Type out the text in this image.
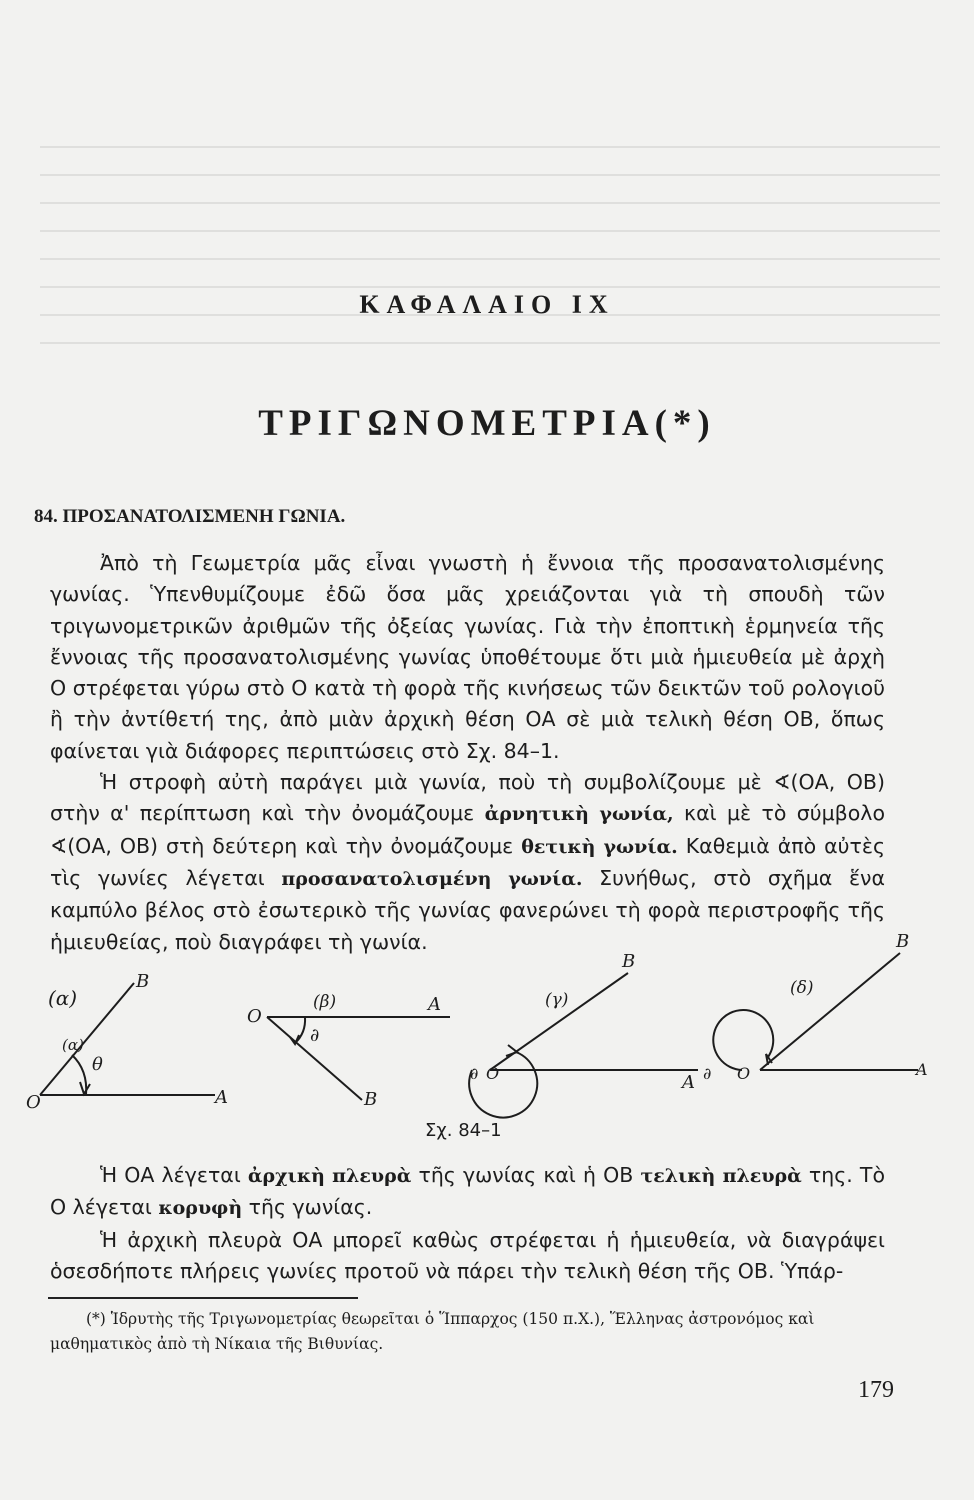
ΚΑΦΑΛΑΙΟ ΙΧ
ΤΡΙΓΩΝΟΜΕΤΡΙΑ(*)
84. ΠΡΟΣΑΝΑΤΟΛΙΣΜΕΝΗ ΓΩΝΙΑ.

Ἀπὸ τὴ Γεωμετρία μᾶς εἶναι γνωστὴ ἡ ἔννοια τῆς προσανατολισμένης γωνίας. Ὑπενθυμίζουμε ἐδῶ ὅσα μᾶς χρειάζονται γιὰ τὴ σπουδὴ τῶν τριγωνομετρικῶν ἀριθμῶν τῆς ὀξείας γωνίας. Γιὰ τὴν ἐποπτικὴ ἑρμηνεία τῆς ἔννοιας τῆς προσανατολισμένης γωνίας ὑποθέτουμε ὅτι μιὰ ἡμιευθεία μὲ ἀρχὴ Ο στρέφεται γύρω στὸ Ο κατὰ τὴ φορὰ τῆς κινήσεως τῶν δεικτῶν τοῦ ρολογιοῦ ἢ τὴν ἀντίθετή της, ἀπὸ μιὰν ἀρχικὴ θέση ΟΑ σὲ μιὰ τελικὴ θέση ΟΒ, ὅπως φαίνεται γιὰ διάφορες περιπτώσεις στὸ Σχ. 84–1.

Ἡ στροφὴ αὐτὴ παράγει μιὰ γωνία, ποὺ τὴ συμβολίζουμε μὲ ∢(ΟΑ, ΟΒ) στὴν α' περίπτωση καὶ τὴν ὀνομάζουμε ἀρνητικὴ γωνία, καὶ μὲ τὸ σύμβολο ∢(ΟΑ, ΟΒ) στὴ δεύτερη καὶ τὴν ὀνομάζουμε θετικὴ γωνία. Καθεμιὰ ἀπὸ αὐτὲς τὶς γωνίες λέγεται προσανατολισμένη γωνία. Συνήθως, στὸ σχῆμα ἕνα καμπύλο βέλος στὸ ἐσωτερικὸ τῆς γωνίας φανερώνει τὴ φορὰ περιστροφῆς τῆς ἡμιευθείας, ποὺ διαγράφει τὴ γωνία.

(α)
(α)
θ
O	A
B
(β)
∂
O
A
B
(γ)
∂ O	A
B
(δ)
∂ O	A
B
Σχ. 84–1

Ἡ ΟΑ λέγεται ἀρχικὴ πλευρὰ τῆς γωνίας καὶ ἡ ΟΒ τελικὴ πλευρὰ της. Τὸ Ο λέγεται κορυφὴ τῆς γωνίας.

Ἡ ἀρχικὴ πλευρὰ ΟΑ μπορεῖ καθὼς στρέφεται ἡ ἡμιευθεία, νὰ διαγράψει ὁσεσδήποτε πλήρεις γωνίες προτοῦ νὰ πάρει τὴν τελικὴ θέση τῆς ΟΒ. Ὑπάρ-

(*) Ἱδρυτὴς τῆς Τριγωνομετρίας θεωρεῖται ὁ Ἵππαρχος (150 π.Χ.), Ἕλληνας ἀστρονόμος καὶ μαθηματικὸς ἀπὸ τὴ Νίκαια τῆς Βιθυνίας.

179
